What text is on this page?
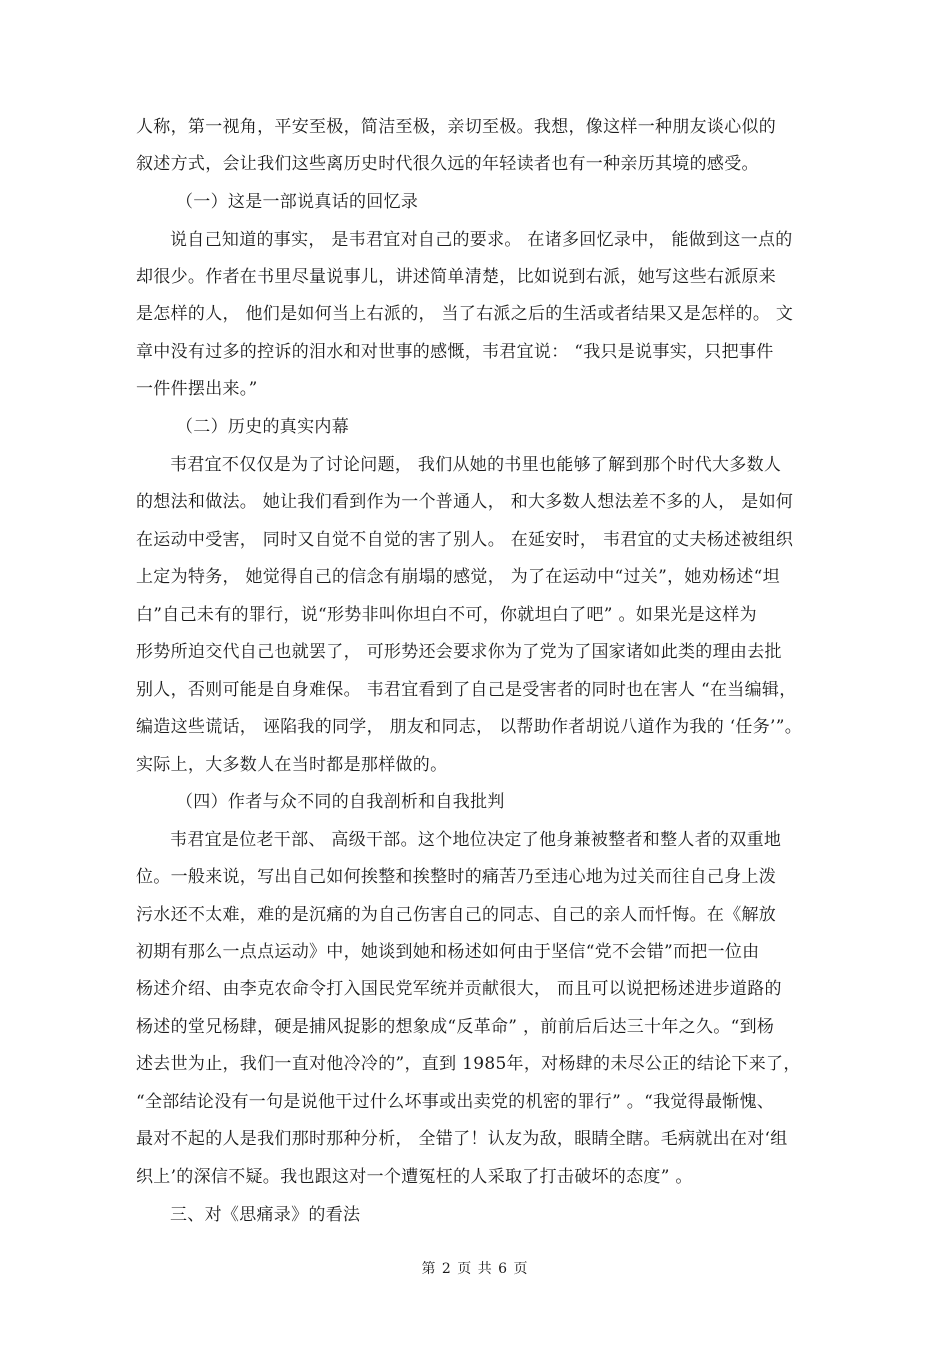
人称，第一视角，平安至极，简洁至极，亲切至极。我想，像这样一种朋友谈心似的
叙述方式，会让我们这些离历史时代很久远的年轻读者也有一种亲历其境的感受。
（一）这是一部说真话的回忆录
说自己知道的事实， 是韦君宜对自己的要求。 在诸多回忆录中， 能做到这一点的
却很少。作者在书里尽量说事儿，讲述简单清楚，比如说到右派，她写这些右派原来
是怎样的人， 他们是如何当上右派的， 当了右派之后的生活或者结果又是怎样的。 文
章中没有过多的控诉的泪水和对世事的感慨，韦君宜说： “我只是说事实，只把事件
一件件摆出来。”
（二）历史的真实内幕
韦君宜不仅仅是为了讨论问题， 我们从她的书里也能够了解到那个时代大多数人
的想法和做法。 她让我们看到作为一个普通人， 和大多数人想法差不多的人， 是如何
在运动中受害， 同时又自觉不自觉的害了别人。 在延安时， 韦君宜的丈夫杨述被组织
上定为特务， 她觉得自己的信念有崩塌的感觉， 为了在运动中“过关”，她劝杨述“坦
白”自己未有的罪行，说“形势非叫你坦白不可，你就坦白了吧” 。如果光是这样为
形势所迫交代自己也就罢了， 可形势还会要求你为了党为了国家诸如此类的理由去批
别人，否则可能是自身难保。 韦君宜看到了自己是受害者的同时也在害人 “在当编辑，
编造这些谎话， 诬陷我的同学， 朋友和同志， 以帮助作者胡说八道作为我的 ‘任务’”。
实际上，大多数人在当时都是那样做的。
（四）作者与众不同的自我剖析和自我批判
韦君宜是位老干部、 高级干部。这个地位决定了他身兼被整者和整人者的双重地
位。一般来说，写出自己如何挨整和挨整时的痛苦乃至违心地为过关而往自己身上泼
污水还不太难，难的是沉痛的为自己伤害自己的同志、自己的亲人而忏悔。在《解放
初期有那么一点点运动》中，她谈到她和杨述如何由于坚信“党不会错”而把一位由
杨述介绍、由李克农命令打入国民党军统并贡献很大， 而且可以说把杨述进步道路的
杨述的堂兄杨肆，硬是捕风捉影的想象成“反革命” ，前前后后达三十年之久。“到杨
述去世为止，我们一直对他冷冷的”，直到 1985年，对杨肆的未尽公正的结论下来了，
“全部结论没有一句是说他干过什么坏事或出卖党的机密的罪行” 。“我觉得最惭愧、
最对不起的人是我们那时那种分析， 全错了！认友为敌，眼睛全瞎。毛病就出在对‘组
织上’的深信不疑。我也跟这对一个遭冤枉的人采取了打击破坏的态度” 。
三、对《思痛录》的看法
第 2 页 共 6 页
